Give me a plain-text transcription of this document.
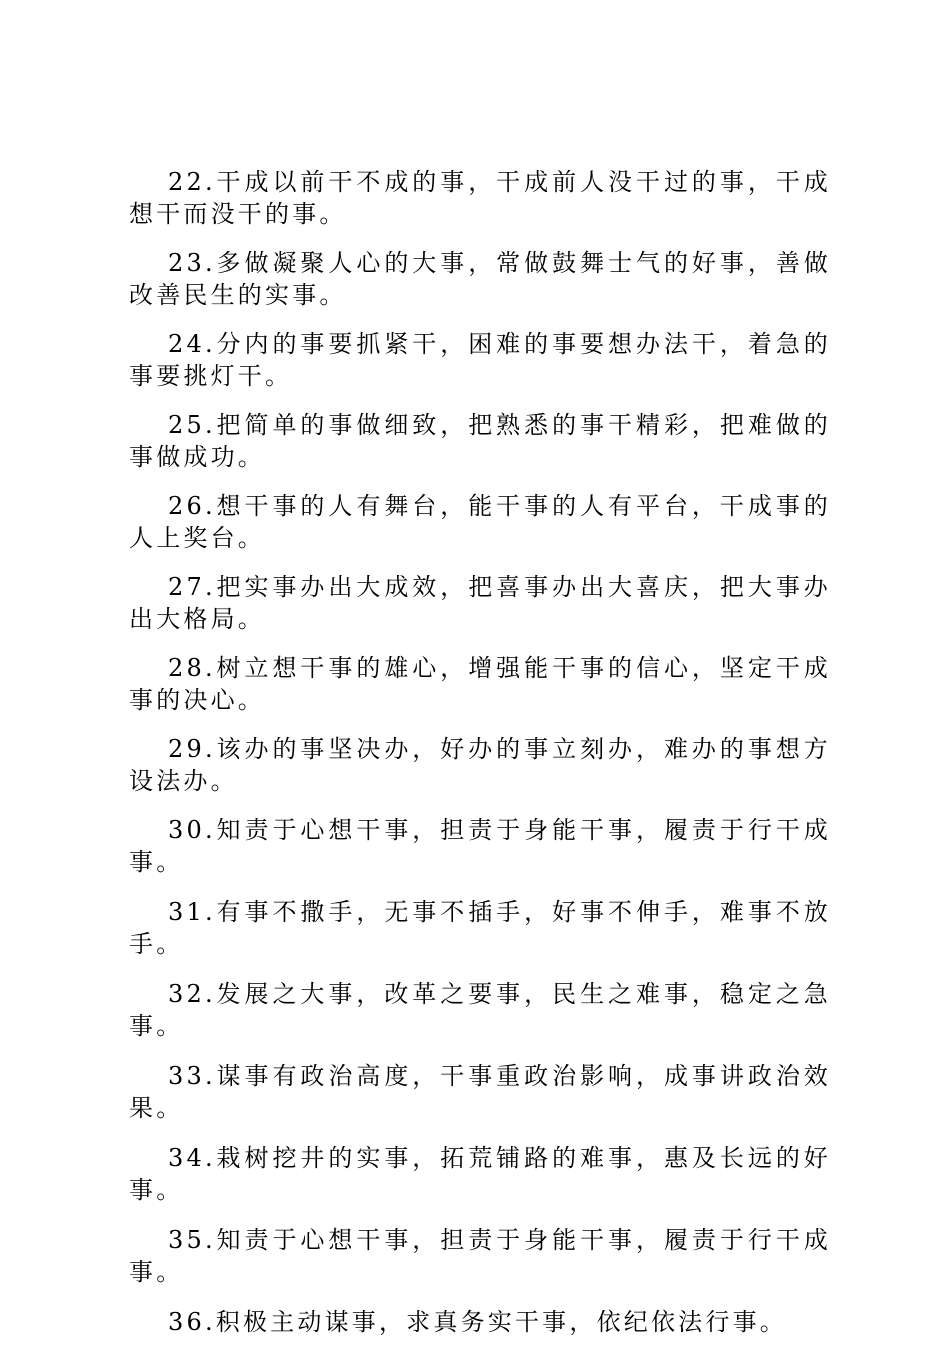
22.干成以前干不成的事，干成前人没干过的事，干成想干而没干的事。

23.多做凝聚人心的大事，常做鼓舞士气的好事，善做改善民生的实事。

24.分内的事要抓紧干，困难的事要想办法干，着急的事要挑灯干。

25.把简单的事做细致，把熟悉的事干精彩，把难做的事做成功。

26.想干事的人有舞台，能干事的人有平台，干成事的人上奖台。

27.把实事办出大成效，把喜事办出大喜庆，把大事办出大格局。

28.树立想干事的雄心，增强能干事的信心，坚定干成事的决心。

29.该办的事坚决办，好办的事立刻办，难办的事想方设法办。

30.知责于心想干事，担责于身能干事，履责于行干成事。

31.有事不撒手，无事不插手，好事不伸手，难事不放手。

32.发展之大事，改革之要事，民生之难事，稳定之急事。

33.谋事有政治高度，干事重政治影响，成事讲政治效果。

34.栽树挖井的实事，拓荒铺路的难事，惠及长远的好事。

35.知责于心想干事，担责于身能干事，履责于行干成事。

36.积极主动谋事，求真务实干事，依纪依法行事。
